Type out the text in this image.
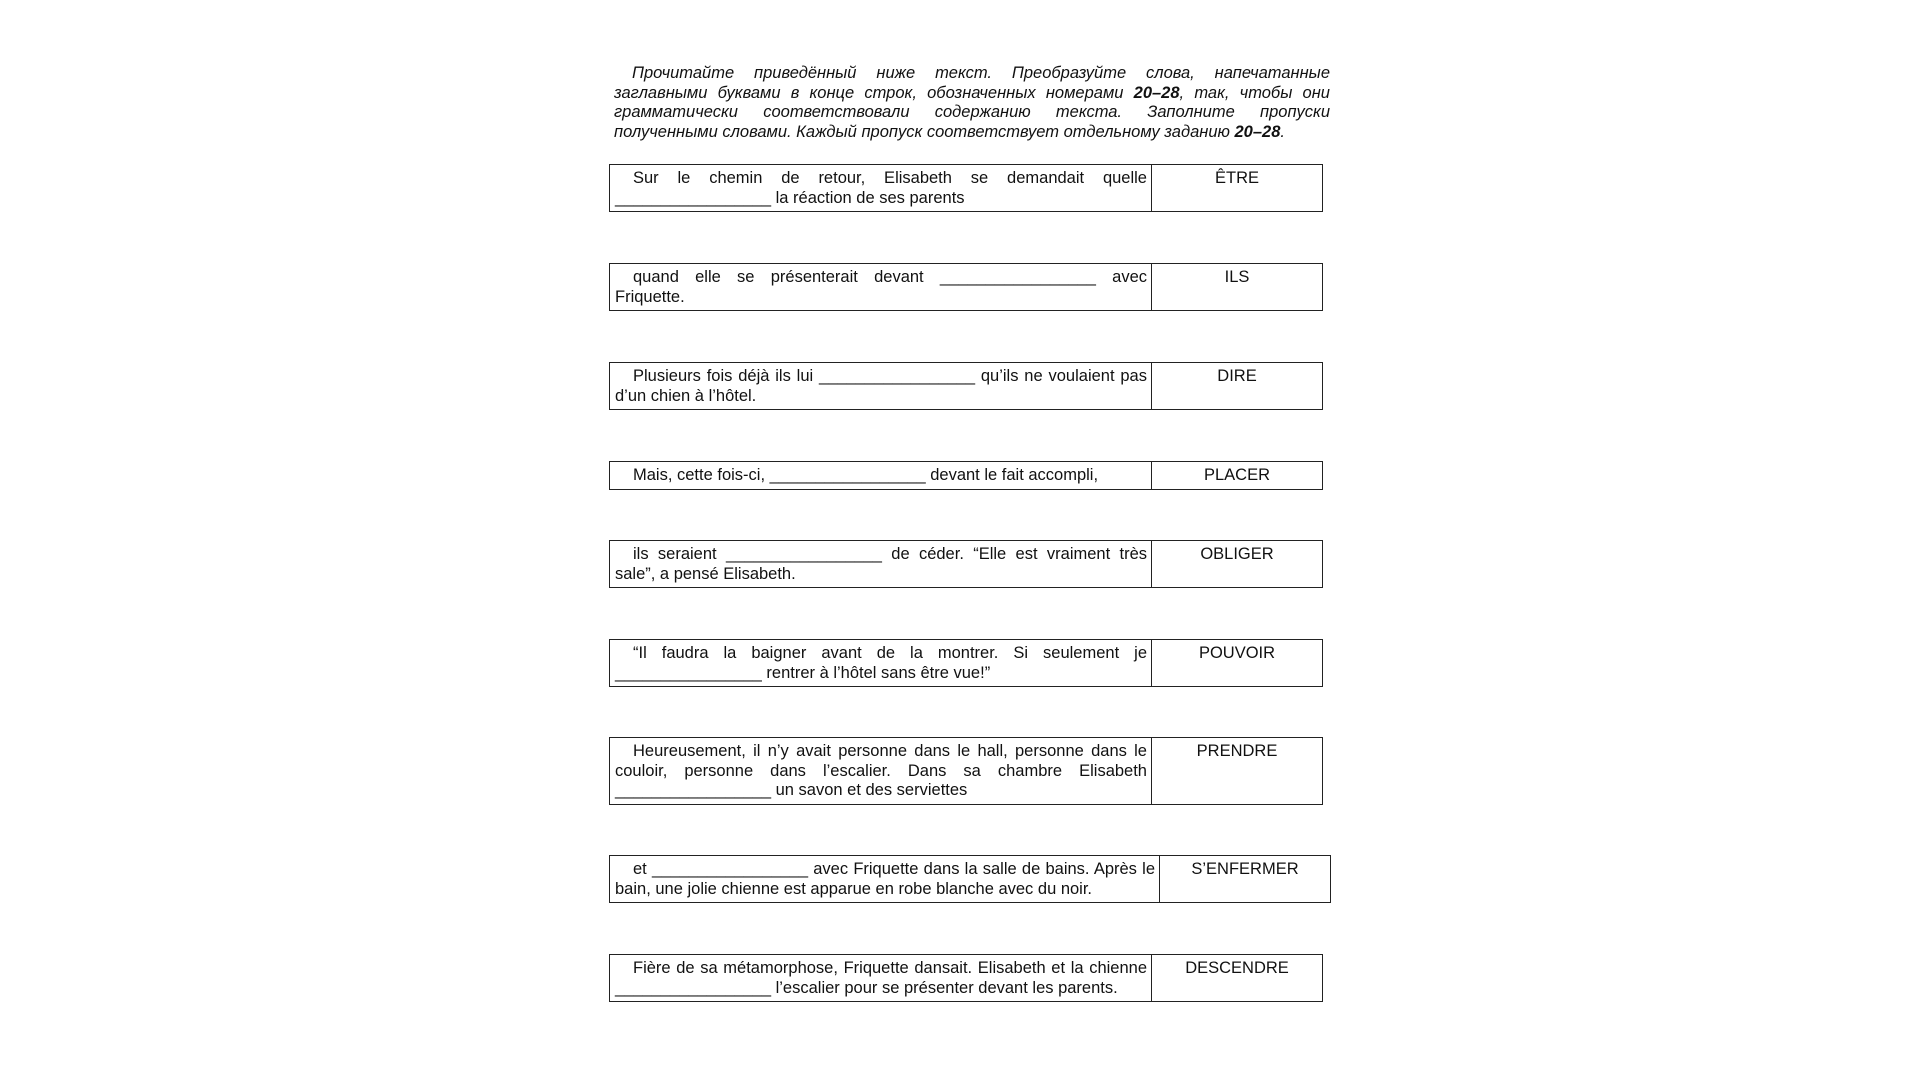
Прочитайте приведённый ниже текст. Преобразуйте слова, напечатанные заглавными буквами в конце строк, обозначенных номерами 20–28, так, чтобы они грамматически соответствовали содержанию текста. Заполните пропуски полученными словами. Каждый пропуск соответствует отдельному заданию 20–28.

Sur le chemin de retour, Elisabeth se demandait quelle _________________ la réaction de ses parents
ÊTRE
quand elle se présenterait devant _________________ avec Friquette.
ILS
Plusieurs fois déjà ils lui _________________ qu’ils ne voulaient pas d’un chien à l’hôtel.
DIRE
Mais, cette fois-ci, _________________ devant le fait accompli,	PLACER
ils seraient _________________ de céder. “Elle est vraiment très sale”, a pensé Elisabeth.
OBLIGER
“Il faudra la baigner avant de la montrer. Si seulement je ________________ rentrer à l’hôtel sans être vue!”
POUVOIR
Heureusement, il n’y avait personne dans le hall, personne dans le couloir, personne dans l’escalier. Dans sa chambre Elisabeth _________________ un savon et des serviettes
PRENDRE
et _________________ avec Friquette dans la salle de bains. Après le bain, une jolie chienne est apparue en robe blanche avec du noir.
S’ENFERMER
Fière de sa métamorphose, Friquette dansait. Elisabeth et la chienne _________________ l’escalier pour se présenter devant les parents.
DESCENDRE
